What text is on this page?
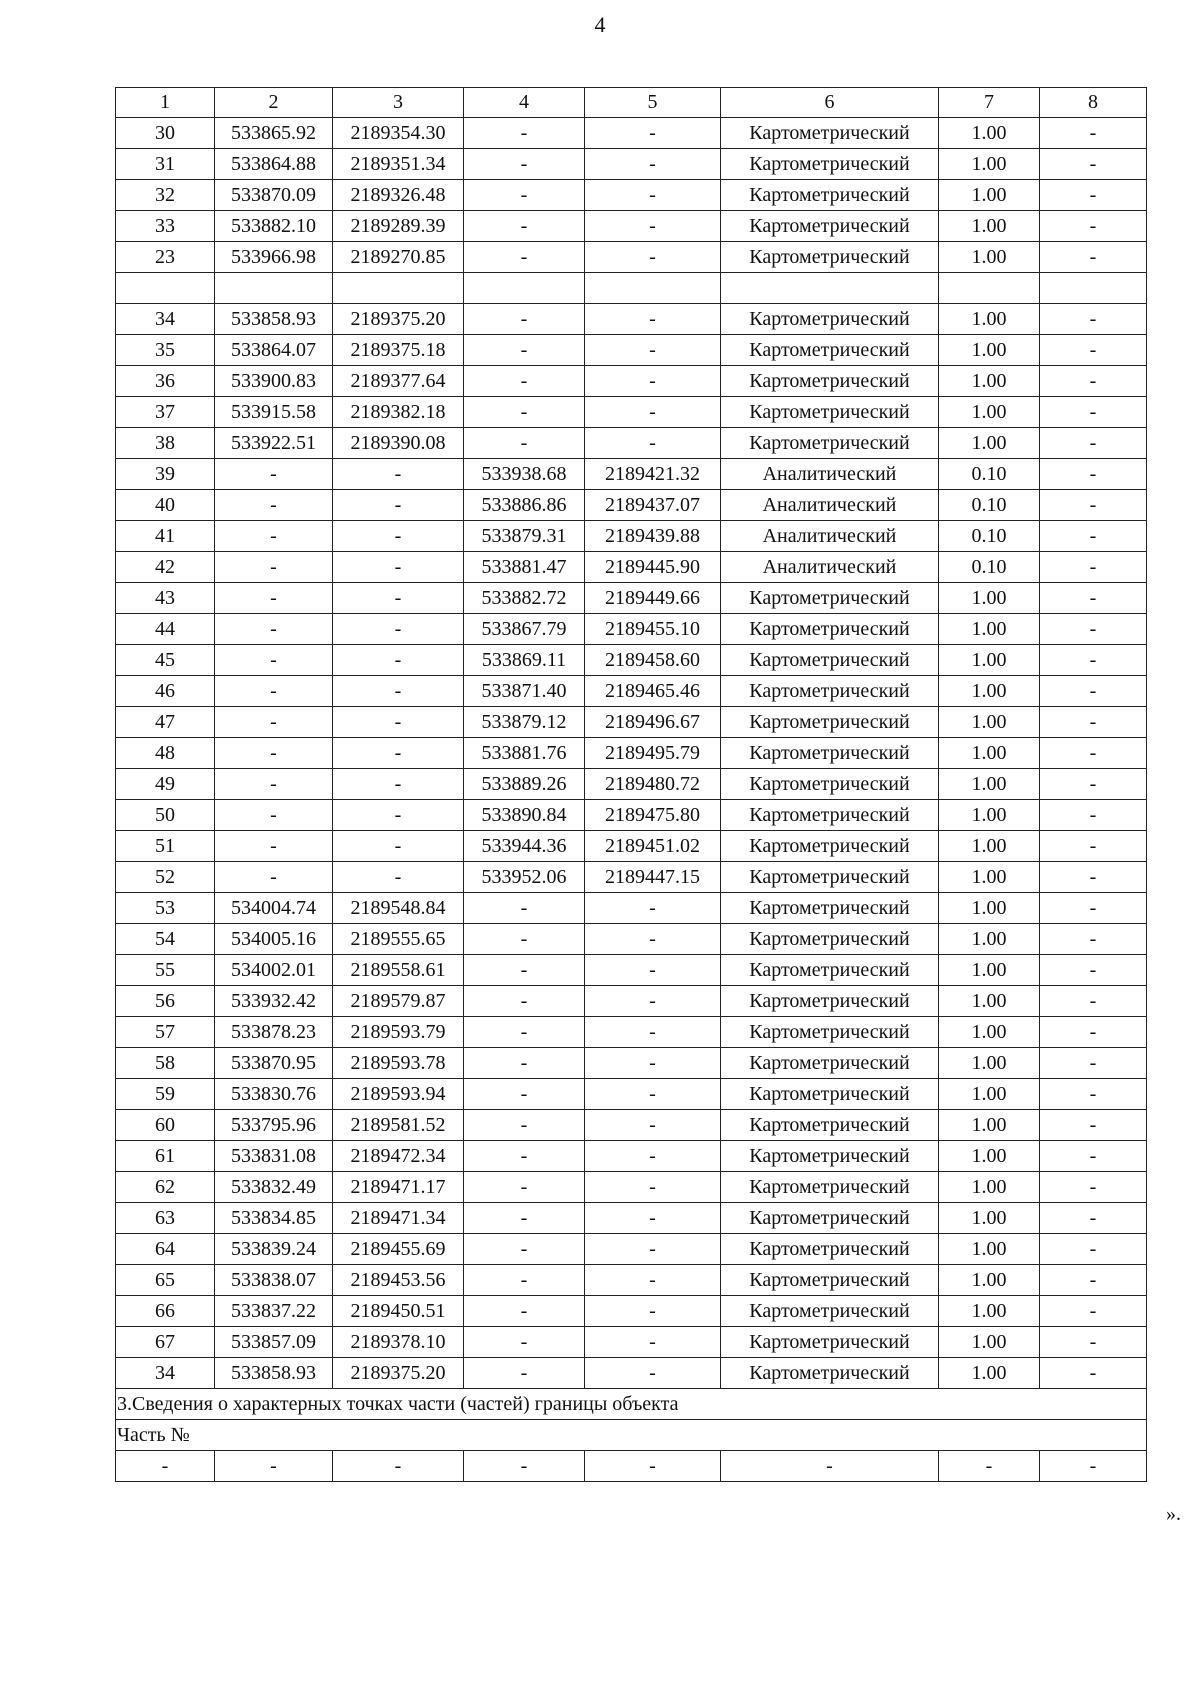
4
1	2	3	4	5	6	7	8
30	533865.92	2189354.30	-	-	Картометрический	1.00	-
31	533864.88	2189351.34	-	-	Картометрический	1.00	-
32	533870.09	2189326.48	-	-	Картометрический	1.00	-
33	533882.10	2189289.39	-	-	Картометрический	1.00	-
23	533966.98	2189270.85	-	-	Картометрический	1.00	-

34	533858.93	2189375.20	-	-	Картометрический	1.00	-
35	533864.07	2189375.18	-	-	Картометрический	1.00	-
36	533900.83	2189377.64	-	-	Картометрический	1.00	-
37	533915.58	2189382.18	-	-	Картометрический	1.00	-
38	533922.51	2189390.08	-	-	Картометрический	1.00	-
39	-	-	533938.68	2189421.32	Аналитический	0.10	-
40	-	-	533886.86	2189437.07	Аналитический	0.10	-
41	-	-	533879.31	2189439.88	Аналитический	0.10	-
42	-	-	533881.47	2189445.90	Аналитический	0.10	-
43	-	-	533882.72	2189449.66	Картометрический	1.00	-
44	-	-	533867.79	2189455.10	Картометрический	1.00	-
45	-	-	533869.11	2189458.60	Картометрический	1.00	-
46	-	-	533871.40	2189465.46	Картометрический	1.00	-
47	-	-	533879.12	2189496.67	Картометрический	1.00	-
48	-	-	533881.76	2189495.79	Картометрический	1.00	-
49	-	-	533889.26	2189480.72	Картометрический	1.00	-
50	-	-	533890.84	2189475.80	Картометрический	1.00	-
51	-	-	533944.36	2189451.02	Картометрический	1.00	-
52	-	-	533952.06	2189447.15	Картометрический	1.00	-
53	534004.74	2189548.84	-	-	Картометрический	1.00	-
54	534005.16	2189555.65	-	-	Картометрический	1.00	-
55	534002.01	2189558.61	-	-	Картометрический	1.00	-
56	533932.42	2189579.87	-	-	Картометрический	1.00	-
57	533878.23	2189593.79	-	-	Картометрический	1.00	-
58	533870.95	2189593.78	-	-	Картометрический	1.00	-
59	533830.76	2189593.94	-	-	Картометрический	1.00	-
60	533795.96	2189581.52	-	-	Картометрический	1.00	-
61	533831.08	2189472.34	-	-	Картометрический	1.00	-
62	533832.49	2189471.17	-	-	Картометрический	1.00	-
63	533834.85	2189471.34	-	-	Картометрический	1.00	-
64	533839.24	2189455.69	-	-	Картометрический	1.00	-
65	533838.07	2189453.56	-	-	Картометрический	1.00	-
66	533837.22	2189450.51	-	-	Картометрический	1.00	-
67	533857.09	2189378.10	-	-	Картометрический	1.00	-
34	533858.93	2189375.20	-	-	Картометрический	1.00	-
3.Сведения о характерных точках части (частей) границы объекта							
Часть №							
-	-	-	-	-	-	-	-
».
